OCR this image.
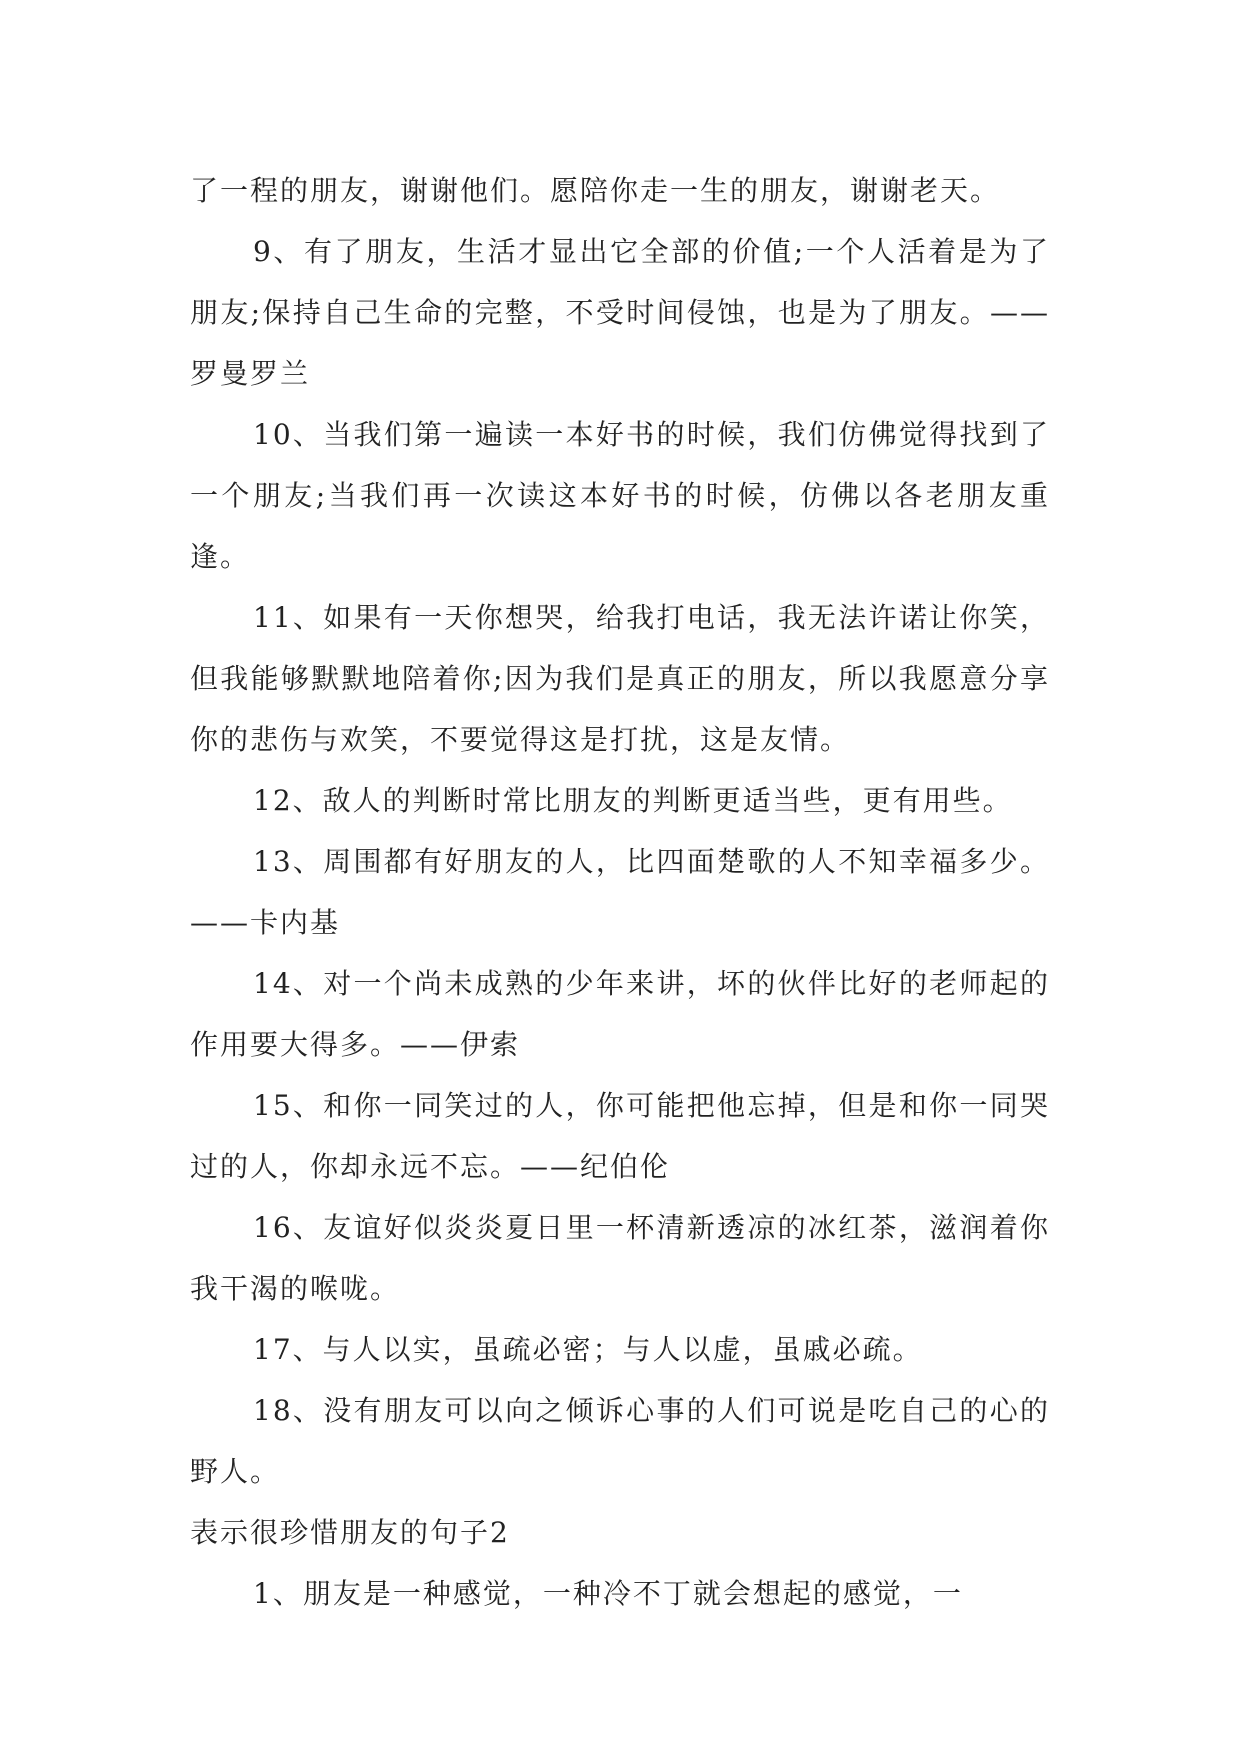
了一程的朋友，谢谢他们。愿陪你走一生的朋友，谢谢老天。

9、有了朋友，生活才显出它全部的价值;一个人活着是为了朋友;保持自己生命的完整，不受时间侵蚀，也是为了朋友。——罗曼罗兰

10、当我们第一遍读一本好书的时候，我们仿佛觉得找到了一个朋友;当我们再一次读这本好书的时候，仿佛以各老朋友重逢。

11、如果有一天你想哭，给我打电话，我无法许诺让你笑，但我能够默默地陪着你;因为我们是真正的朋友，所以我愿意分享你的悲伤与欢笑，不要觉得这是打扰，这是友情。

12、敌人的判断时常比朋友的判断更适当些，更有用些。

13、周围都有好朋友的人，比四面楚歌的人不知幸福多少。——卡内基

14、对一个尚未成熟的少年来讲，坏的伙伴比好的老师起的作用要大得多。——伊索

15、和你一同笑过的人，你可能把他忘掉，但是和你一同哭过的人，你却永远不忘。——纪伯伦

16、友谊好似炎炎夏日里一杯清新透凉的冰红茶，滋润着你我干渴的喉咙。

17、与人以实，虽疏必密；与人以虚，虽戚必疏。

18、没有朋友可以向之倾诉心事的人们可说是吃自己的心的野人。

表示很珍惜朋友的句子2

1、朋友是一种感觉，一种冷不丁就会想起的感觉，一
